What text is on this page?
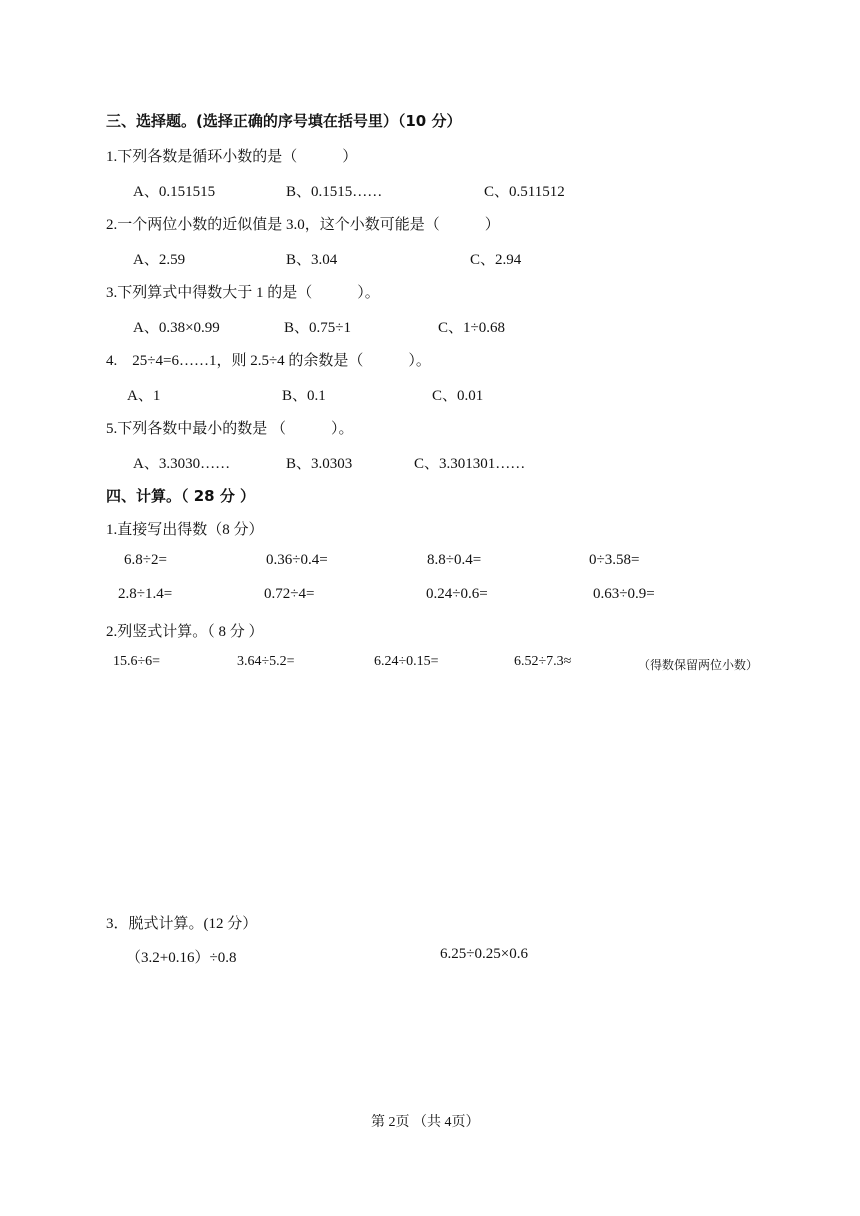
三、选择题。(选择正确的序号填在括号里）（10 分）
1.下列各数是循环小数的是（　　　）
A、0.151515	B、0.1515……	C、0.511512
2.一个两位小数的近似值是 3.0，这个小数可能是（　　　）
A、2.59	B、3.04	C、2.94
3.下列算式中得数大于 1 的是（　　　）。
A、0.38×0.99	B、0.75÷1	C、1÷0.68
4.　25÷4=6……1，则 2.5÷4 的余数是（　　　）。
A、1	B、0.1	C、0.01
5.下列各数中最小的数是 （　　　）。
A、3.3030……	B、3.0303	C、3.301301……
四、计算。（ 28 分 ）
1.直接写出得数（8 分）
6.8÷2=	0.36÷0.4=	8.8÷0.4=	0÷3.58=
2.8÷1.4=	0.72÷4=	0.24÷0.6=	0.63÷0.9=
2.列竖式计算。（ 8 分 ）
15.6÷6=	3.64÷5.2=	6.24÷0.15=	6.52÷7.3≈	（得数保留两位小数）
3．脱式计算。(12 分）
（3.2+0.16）÷0.8	6.25÷0.25×0.6
第 2页 （共 4页）
